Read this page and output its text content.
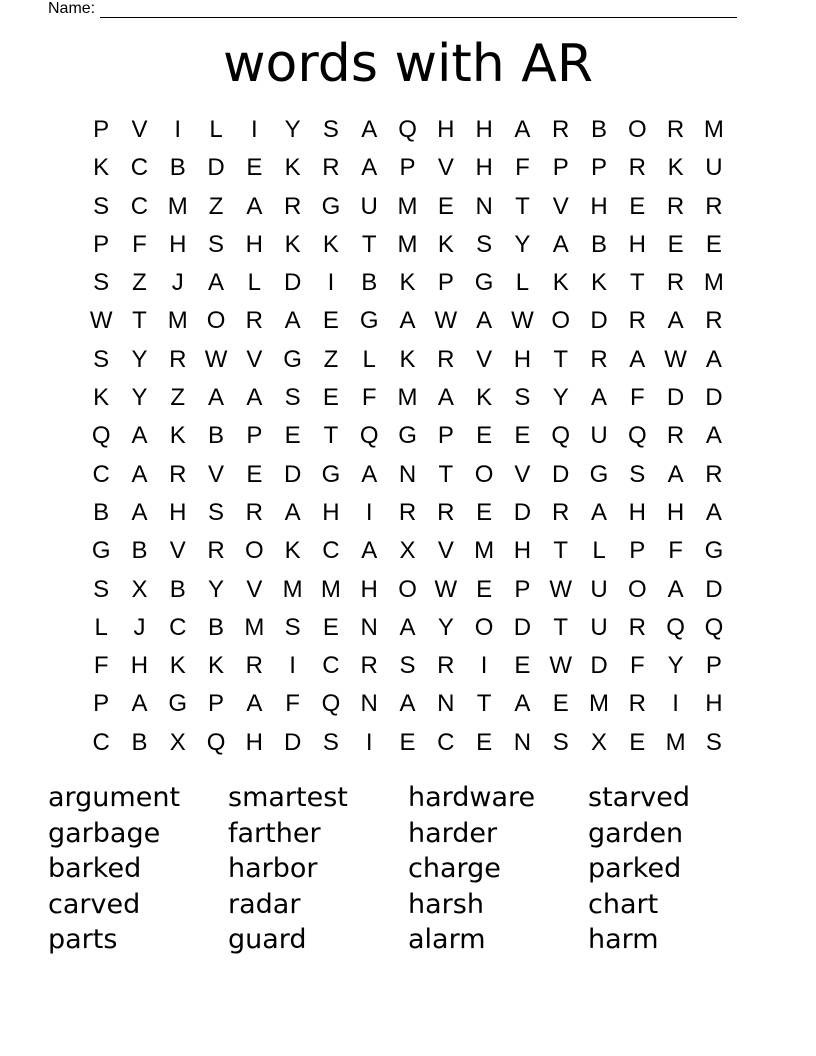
Name:
words with AR
P V	I	L	I	Y S A Q H H A R B O R M
K C B D E K R A P V H F P P R K U
S C M Z A R G U M E N T V H E R R
P F H S H K K T M K S Y A B H E E
S Z	J	A L D	I	B K P G L K K T R M
W T M O R A E G A W A W O D R A R
S Y R W V G Z	L K R V H T R A W A
K Y Z A A S E F M A K S Y A F D D
Q A K B P E T Q G P E E Q U Q R A
C A R V E D G A N T O V D G S A R
B A H S R A H	I	R R E D R A H H A
G B V R O K C A X V M H T	L P F G
S X B Y V M M H O W E P W U O A D
L	J C B M S E N A Y O D T U R Q Q
F H K K R	I	C R S R	I	E W D F Y P
P A G P A F Q N A N T A E M R	I	H
C B X Q H D S	I	E C E N S X E M S
argument	smartest	hardware	starved
garbage	farther	harder	garden
barked	harbor	charge	parked
carved	radar	harsh	chart
parts	guard	alarm	harm
